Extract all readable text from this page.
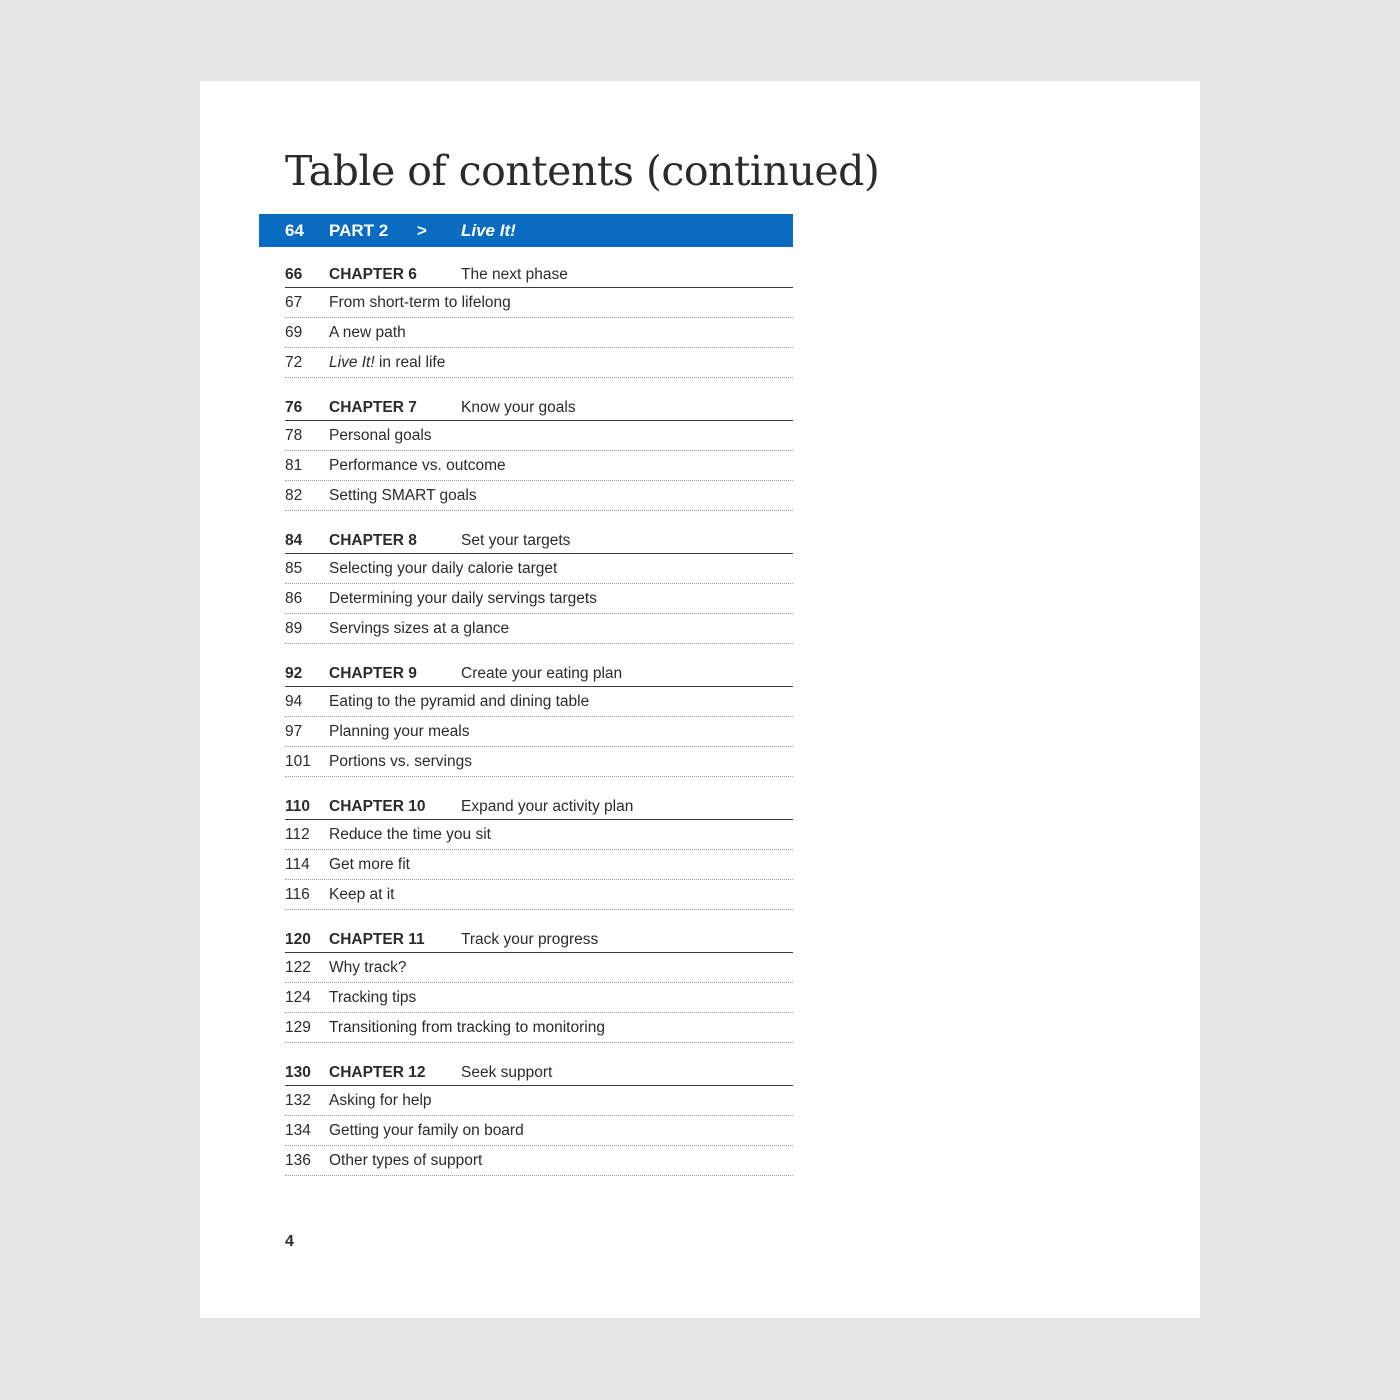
Table of contents (continued)
64 PART 2 > Live It!
66 CHAPTER 6	The next phase
67 From short-term to lifelong
69 A new path
72 Live It! in real life
76 CHAPTER 7	Know your goals
78 Personal goals
81 Performance vs. outcome
82 Setting SMART goals
84 CHAPTER 8	Set your targets
85 Selecting your daily calorie target
86 Determining your daily servings targets
89 Servings sizes at a glance
92 CHAPTER 9	Create your eating plan
94 Eating to the pyramid and dining table
97 Planning your meals
101 Portions vs. servings
110 CHAPTER 10 Expand your activity plan
112 Reduce the time you sit
114 Get more fit
116 Keep at it
120 CHAPTER 11 Track your progress
122 Why track?
124 Tracking tips
129 Transitioning from tracking to monitoring
130 CHAPTER 12 Seek support
132 Asking for help
134 Getting your family on board
136 Other types of support
4
